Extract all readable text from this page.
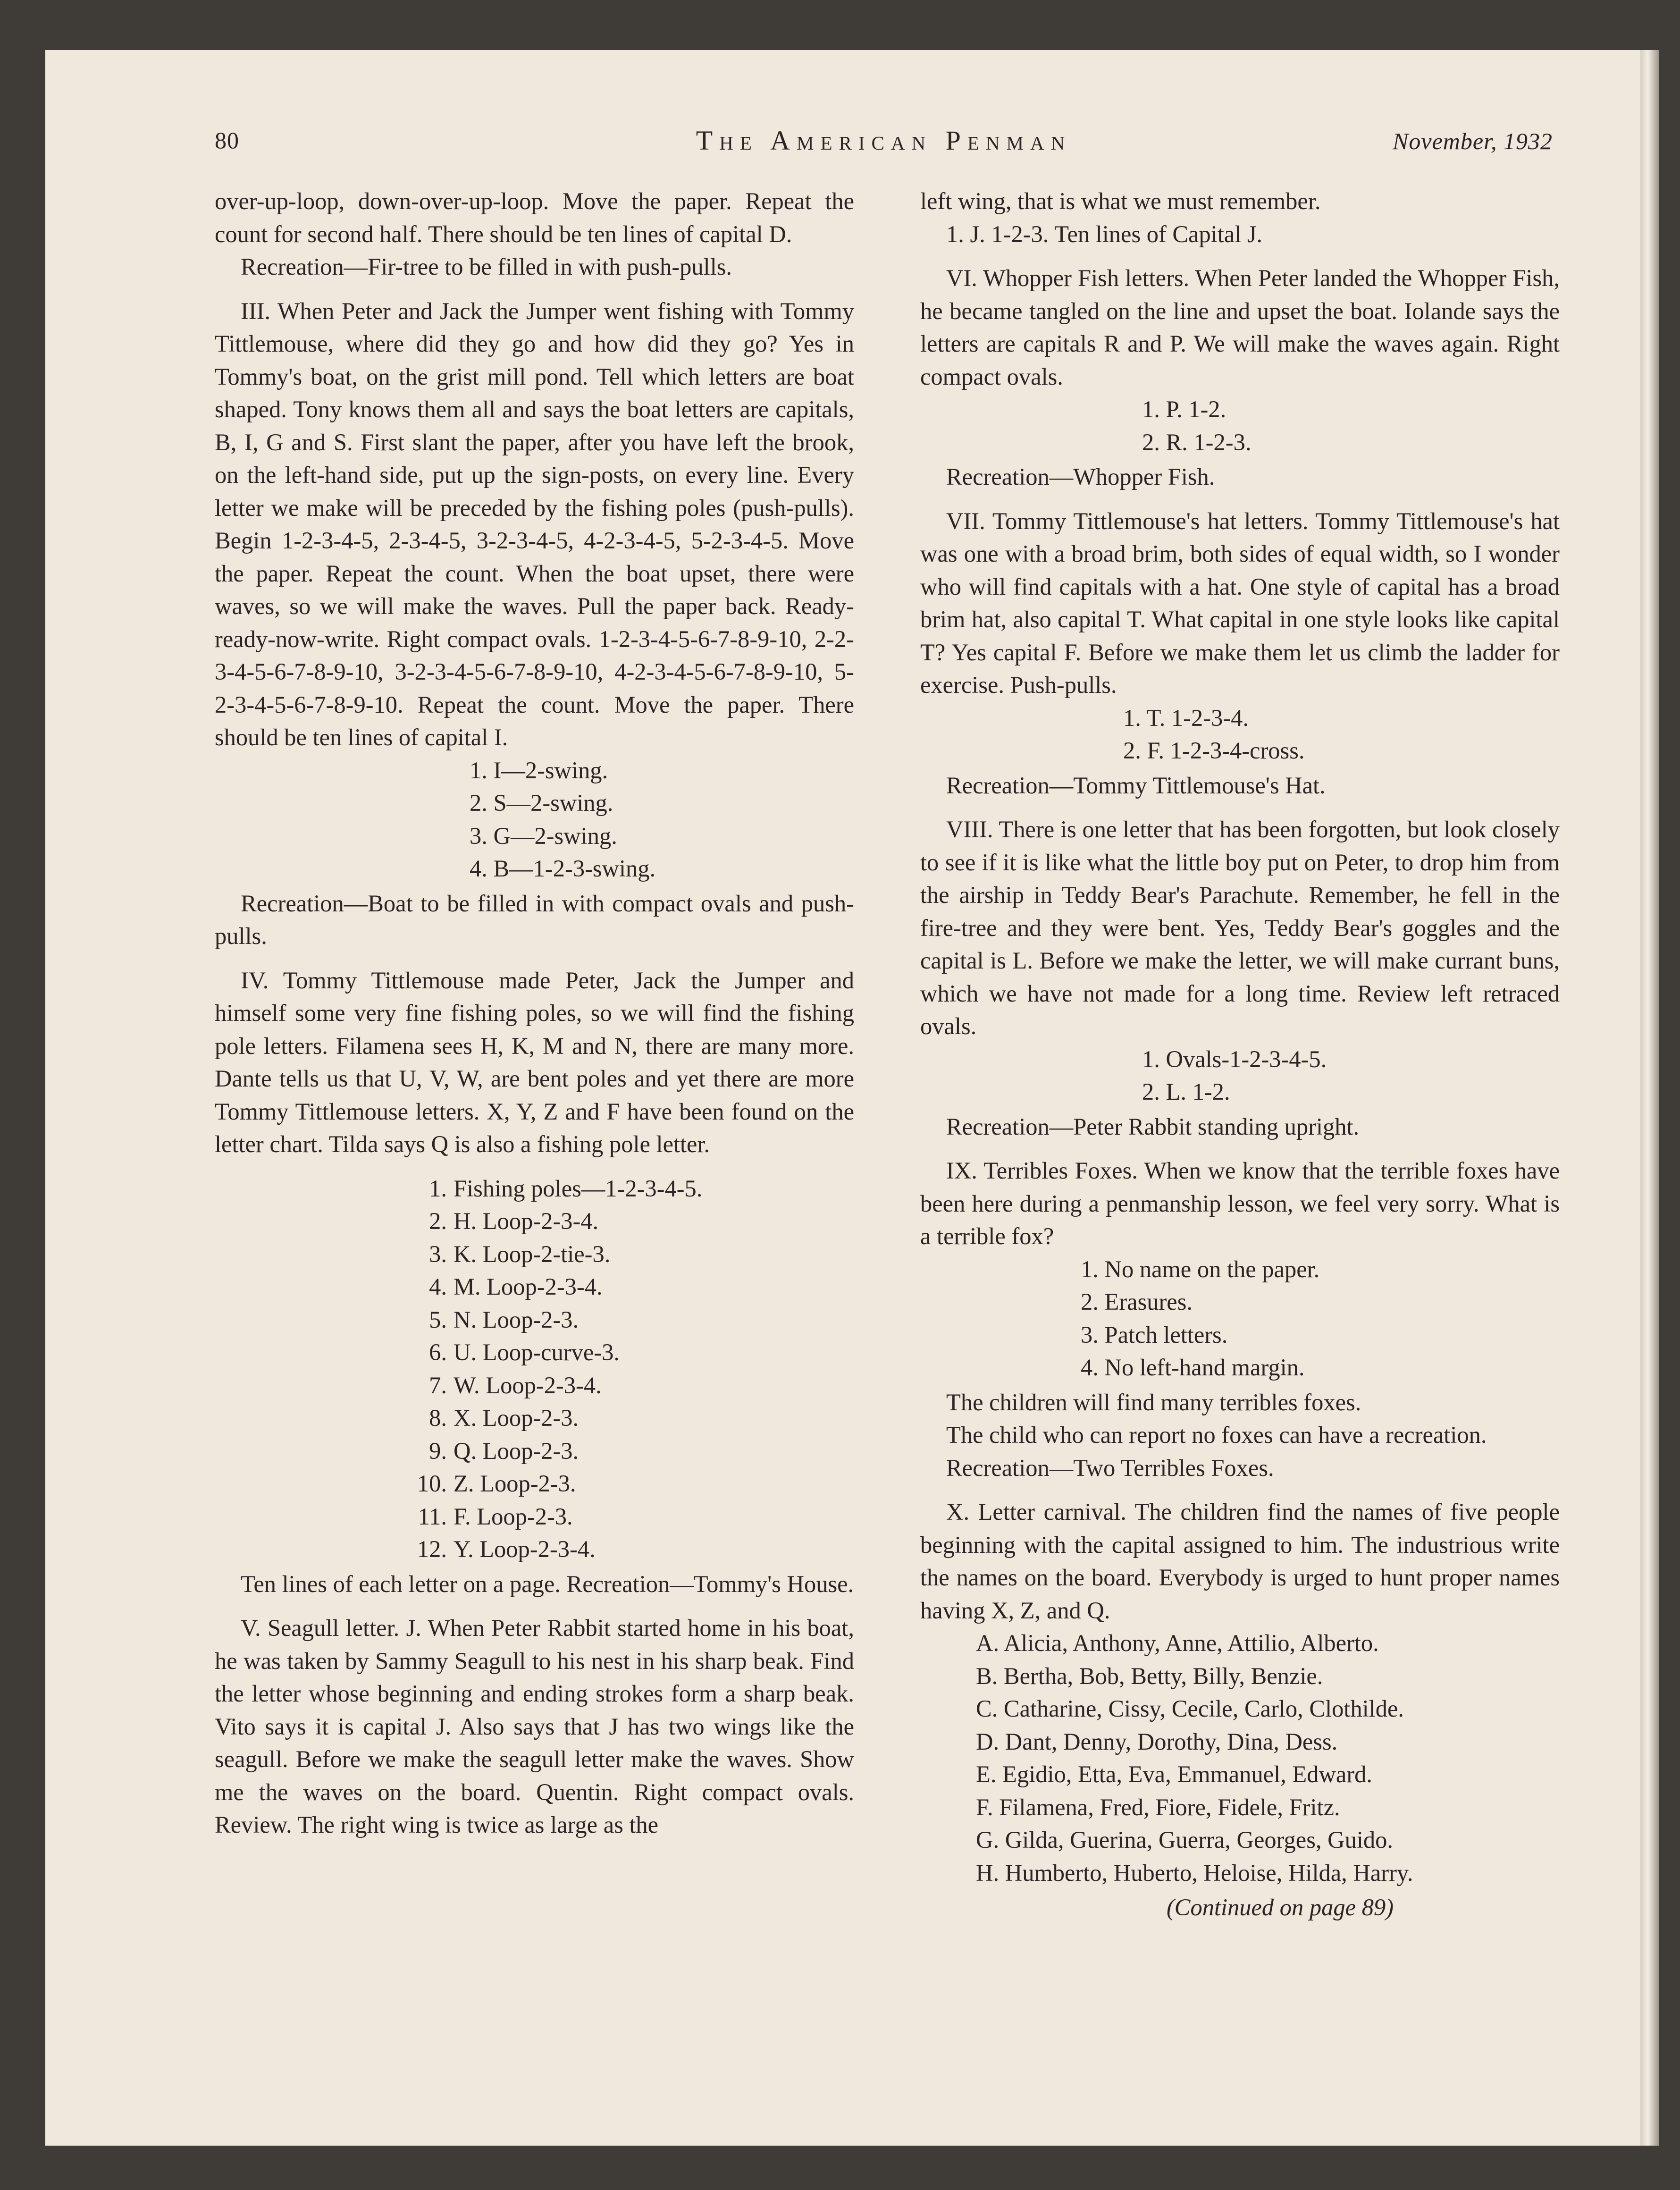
80	The American Penman	November, 1932

over-up-loop, down-over-up-loop. Move the paper. Repeat the count for second half. There should be ten lines of capital D.

Recreation—Fir-tree to be filled in with push-pulls.

III. When Peter and Jack the Jumper went fishing with Tommy Tittlemouse, where did they go and how did they go? Yes in Tommy's boat, on the grist mill pond. Tell which letters are boat shaped. Tony knows them all and says the boat letters are capitals, B, I, G and S. First slant the paper, after you have left the brook, on the left-hand side, put up the sign-posts, on every line. Every letter we make will be preceded by the fishing poles (push-pulls). Begin 1-2-3-4-5, 2-3-4-5, 3-2-3-4-5, 4-2-3-4-5, 5-2-3-4-5. Move the paper. Repeat the count. When the boat upset, there were waves, so we will make the waves. Pull the paper back. Ready-ready-now-write. Right compact ovals. 1-2-3-4-5-6-7-8-9-10, 2-2-3-4-5-6-7-8-9-10, 3-2-3-4-5-6-7-8-9-10, 4-2-3-4-5-6-7-8-9-10, 5-2-3-4-5-6-7-8-9-10. Repeat the count. Move the paper. There should be ten lines of capital I.

1. I—2-swing.
2. S—2-swing.
3. G—2-swing.
4. B—1-2-3-swing.

Recreation—Boat to be filled in with compact ovals and push-pulls.

IV. Tommy Tittlemouse made Peter, Jack the Jumper and himself some very fine fishing poles, so we will find the fishing pole letters. Filamena sees H, K, M and N, there are many more. Dante tells us that U, V, W, are bent poles and yet there are more Tommy Tittlemouse letters. X, Y, Z and F have been found on the letter chart. Tilda says Q is also a fishing pole letter.

1. Fishing poles—1-2-3-4-5.
2. H. Loop-2-3-4.
3. K. Loop-2-tie-3.
4. M. Loop-2-3-4.
5. N. Loop-2-3.
6. U. Loop-curve-3.
7. W. Loop-2-3-4.
8. X. Loop-2-3.
9. Q. Loop-2-3.
10. Z. Loop-2-3.
11. F. Loop-2-3.
12. Y. Loop-2-3-4.

Ten lines of each letter on a page. Recreation—Tommy's House.

V. Seagull letter. J. When Peter Rabbit started home in his boat, he was taken by Sammy Seagull to his nest in his sharp beak. Find the letter whose beginning and ending strokes form a sharp beak. Vito says it is capital J. Also says that J has two wings like the seagull. Before we make the seagull letter make the waves. Show me the waves on the board. Quentin. Right compact ovals. Review. The right wing is twice as large as the

left wing, that is what we must remember.

1. J. 1-2-3. Ten lines of Capital J.

VI. Whopper Fish letters. When Peter landed the Whopper Fish, he became tangled on the line and upset the boat. Iolande says the letters are capitals R and P. We will make the waves again. Right compact ovals.

1. P. 1-2.
2. R. 1-2-3.

Recreation—Whopper Fish.

VII. Tommy Tittlemouse's hat letters. Tommy Tittlemouse's hat was one with a broad brim, both sides of equal width, so I wonder who will find capitals with a hat. One style of capital has a broad brim hat, also capital T. What capital in one style looks like capital T? Yes capital F. Before we make them let us climb the ladder for exercise. Push-pulls.

1. T. 1-2-3-4.
2. F. 1-2-3-4-cross.

Recreation—Tommy Tittlemouse's Hat.

VIII. There is one letter that has been forgotten, but look closely to see if it is like what the little boy put on Peter, to drop him from the airship in Teddy Bear's Parachute. Remember, he fell in the fire-tree and they were bent. Yes, Teddy Bear's goggles and the capital is L. Before we make the letter, we will make currant buns, which we have not made for a long time. Review left retraced ovals.

1. Ovals-1-2-3-4-5.
2. L. 1-2.

Recreation—Peter Rabbit standing upright.

IX. Terribles Foxes. When we know that the terrible foxes have been here during a penmanship lesson, we feel very sorry. What is a terrible fox?

1. No name on the paper.
2. Erasures.
3. Patch letters.
4. No left-hand margin.

The children will find many terribles foxes.

The child who can report no foxes can have a recreation.

Recreation—Two Terribles Foxes.

X. Letter carnival. The children find the names of five people beginning with the capital assigned to him. The industrious write the names on the board. Everybody is urged to hunt proper names having X, Z, and Q.

A. Alicia, Anthony, Anne, Attilio, Alberto.
B. Bertha, Bob, Betty, Billy, Benzie.
C. Catharine, Cissy, Cecile, Carlo, Clothilde.
D. Dant, Denny, Dorothy, Dina, Dess.
E. Egidio, Etta, Eva, Emmanuel, Edward.
F. Filamena, Fred, Fiore, Fidele, Fritz.
G. Gilda, Guerina, Guerra, Georges, Guido.
H. Humberto, Huberto, Heloise, Hilda, Harry.
(Continued on page 89)
